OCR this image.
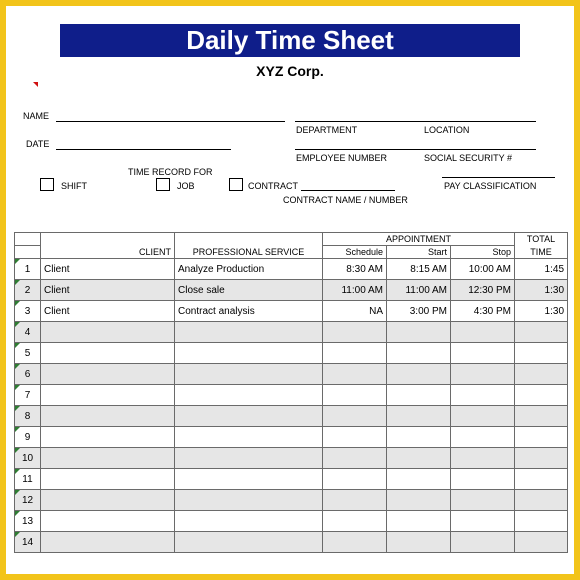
Daily Time Sheet
XYZ Corp.
NAME
DEPARTMENT	LOCATION
DATE
EMPLOYEE NUMBER	SOCIAL SECURITY #
TIME RECORD FOR
SHIFT	JOB	CONTRACT
CONTRACT NAME / NUMBER
PAY CLASSIFICATION
			APPOINTMENT			TOTAL
	CLIENT	PROFESSIONAL SERVICE	Schedule	Start	Stop	TIME

1	Client	Analyze Production	8:30 AM	8:15 AM	10:00 AM	1:45

2	Client	Close sale	11:00 AM	11:00 AM	12:30 PM	1:30

3	Client	Contract analysis	NA	3:00 PM	4:30 PM	1:30

4						

5						

6						

7						

8						

9						

10						

11						

12						

13						

14						
